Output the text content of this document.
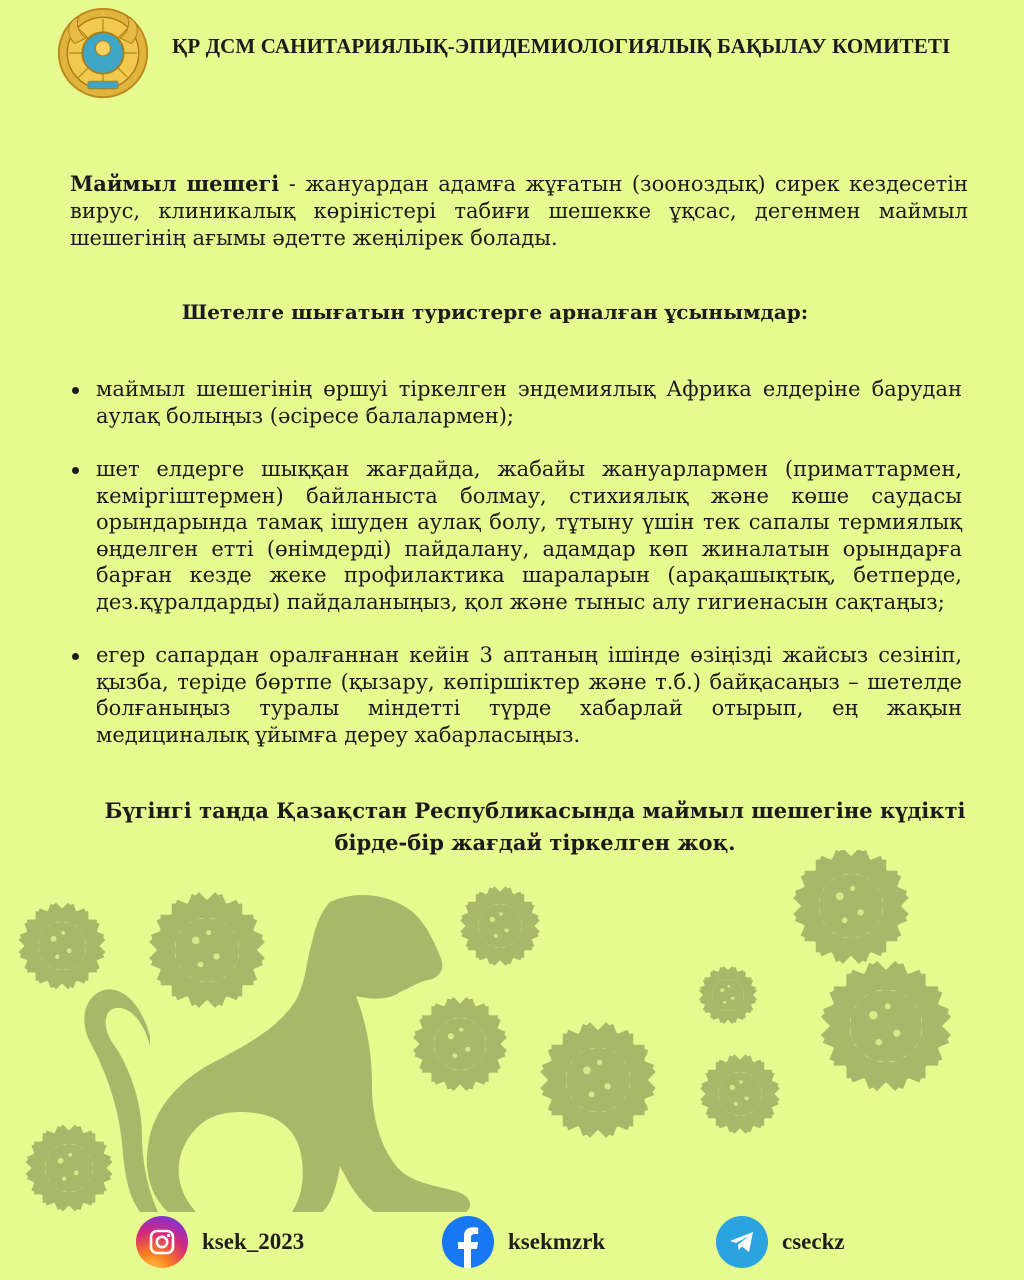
ҚР ДСМ САНИТАРИЯЛЫҚ-ЭПИДЕМИОЛОГИЯЛЫҚ БАҚЫЛАУ КОМИТЕТІ
Маймыл шешегі - жануардан адамға жұғатын (зооноздық) сирек кездесетін вирус, клиникалық көріністері табиғи шешекке ұқсас, дегенмен маймыл шешегінің ағымы әдетте жеңілірек болады.
Шетелге шығатын туристерге арналған ұсынымдар:
маймыл шешегінің өршуі тіркелген эндемиялық Африка елдеріне барудан аулақ болыңыз (әсіресе балалармен);
шет елдерге шыққан жағдайда, жабайы жануарлармен (приматтармен, кеміргіштермен) байланыста болмау, стихиялық және көше саудасы орындарында тамақ ішуден аулақ болу, тұтыну үшін тек сапалы термиялық өңделген етті (өнімдерді) пайдалану, адамдар көп жиналатын орындарға барған кезде жеке профилактика шараларын (арақашықтық, бетперде, дез.құралдарды) пайдаланыңыз, қол және тыныс алу гигиенасын сақтаңыз;
егер сапардан оралғаннан кейін 3 аптаның ішінде өзіңізді жайсыз сезініп, қызба, теріде бөртпе (қызару, көпіршіктер және т.б.) байқасаңыз – шетелде болғаныңыз туралы міндетті түрде хабарлай отырып, ең жақын медициналық ұйымға дереу хабарласыңыз.
Бүгінгі таңда Қазақстан Республикасында маймыл шешегіне күдікті бірде-бір жағдай тіркелген жоқ.
ksek_2023	ksekmzrk	cseckz
